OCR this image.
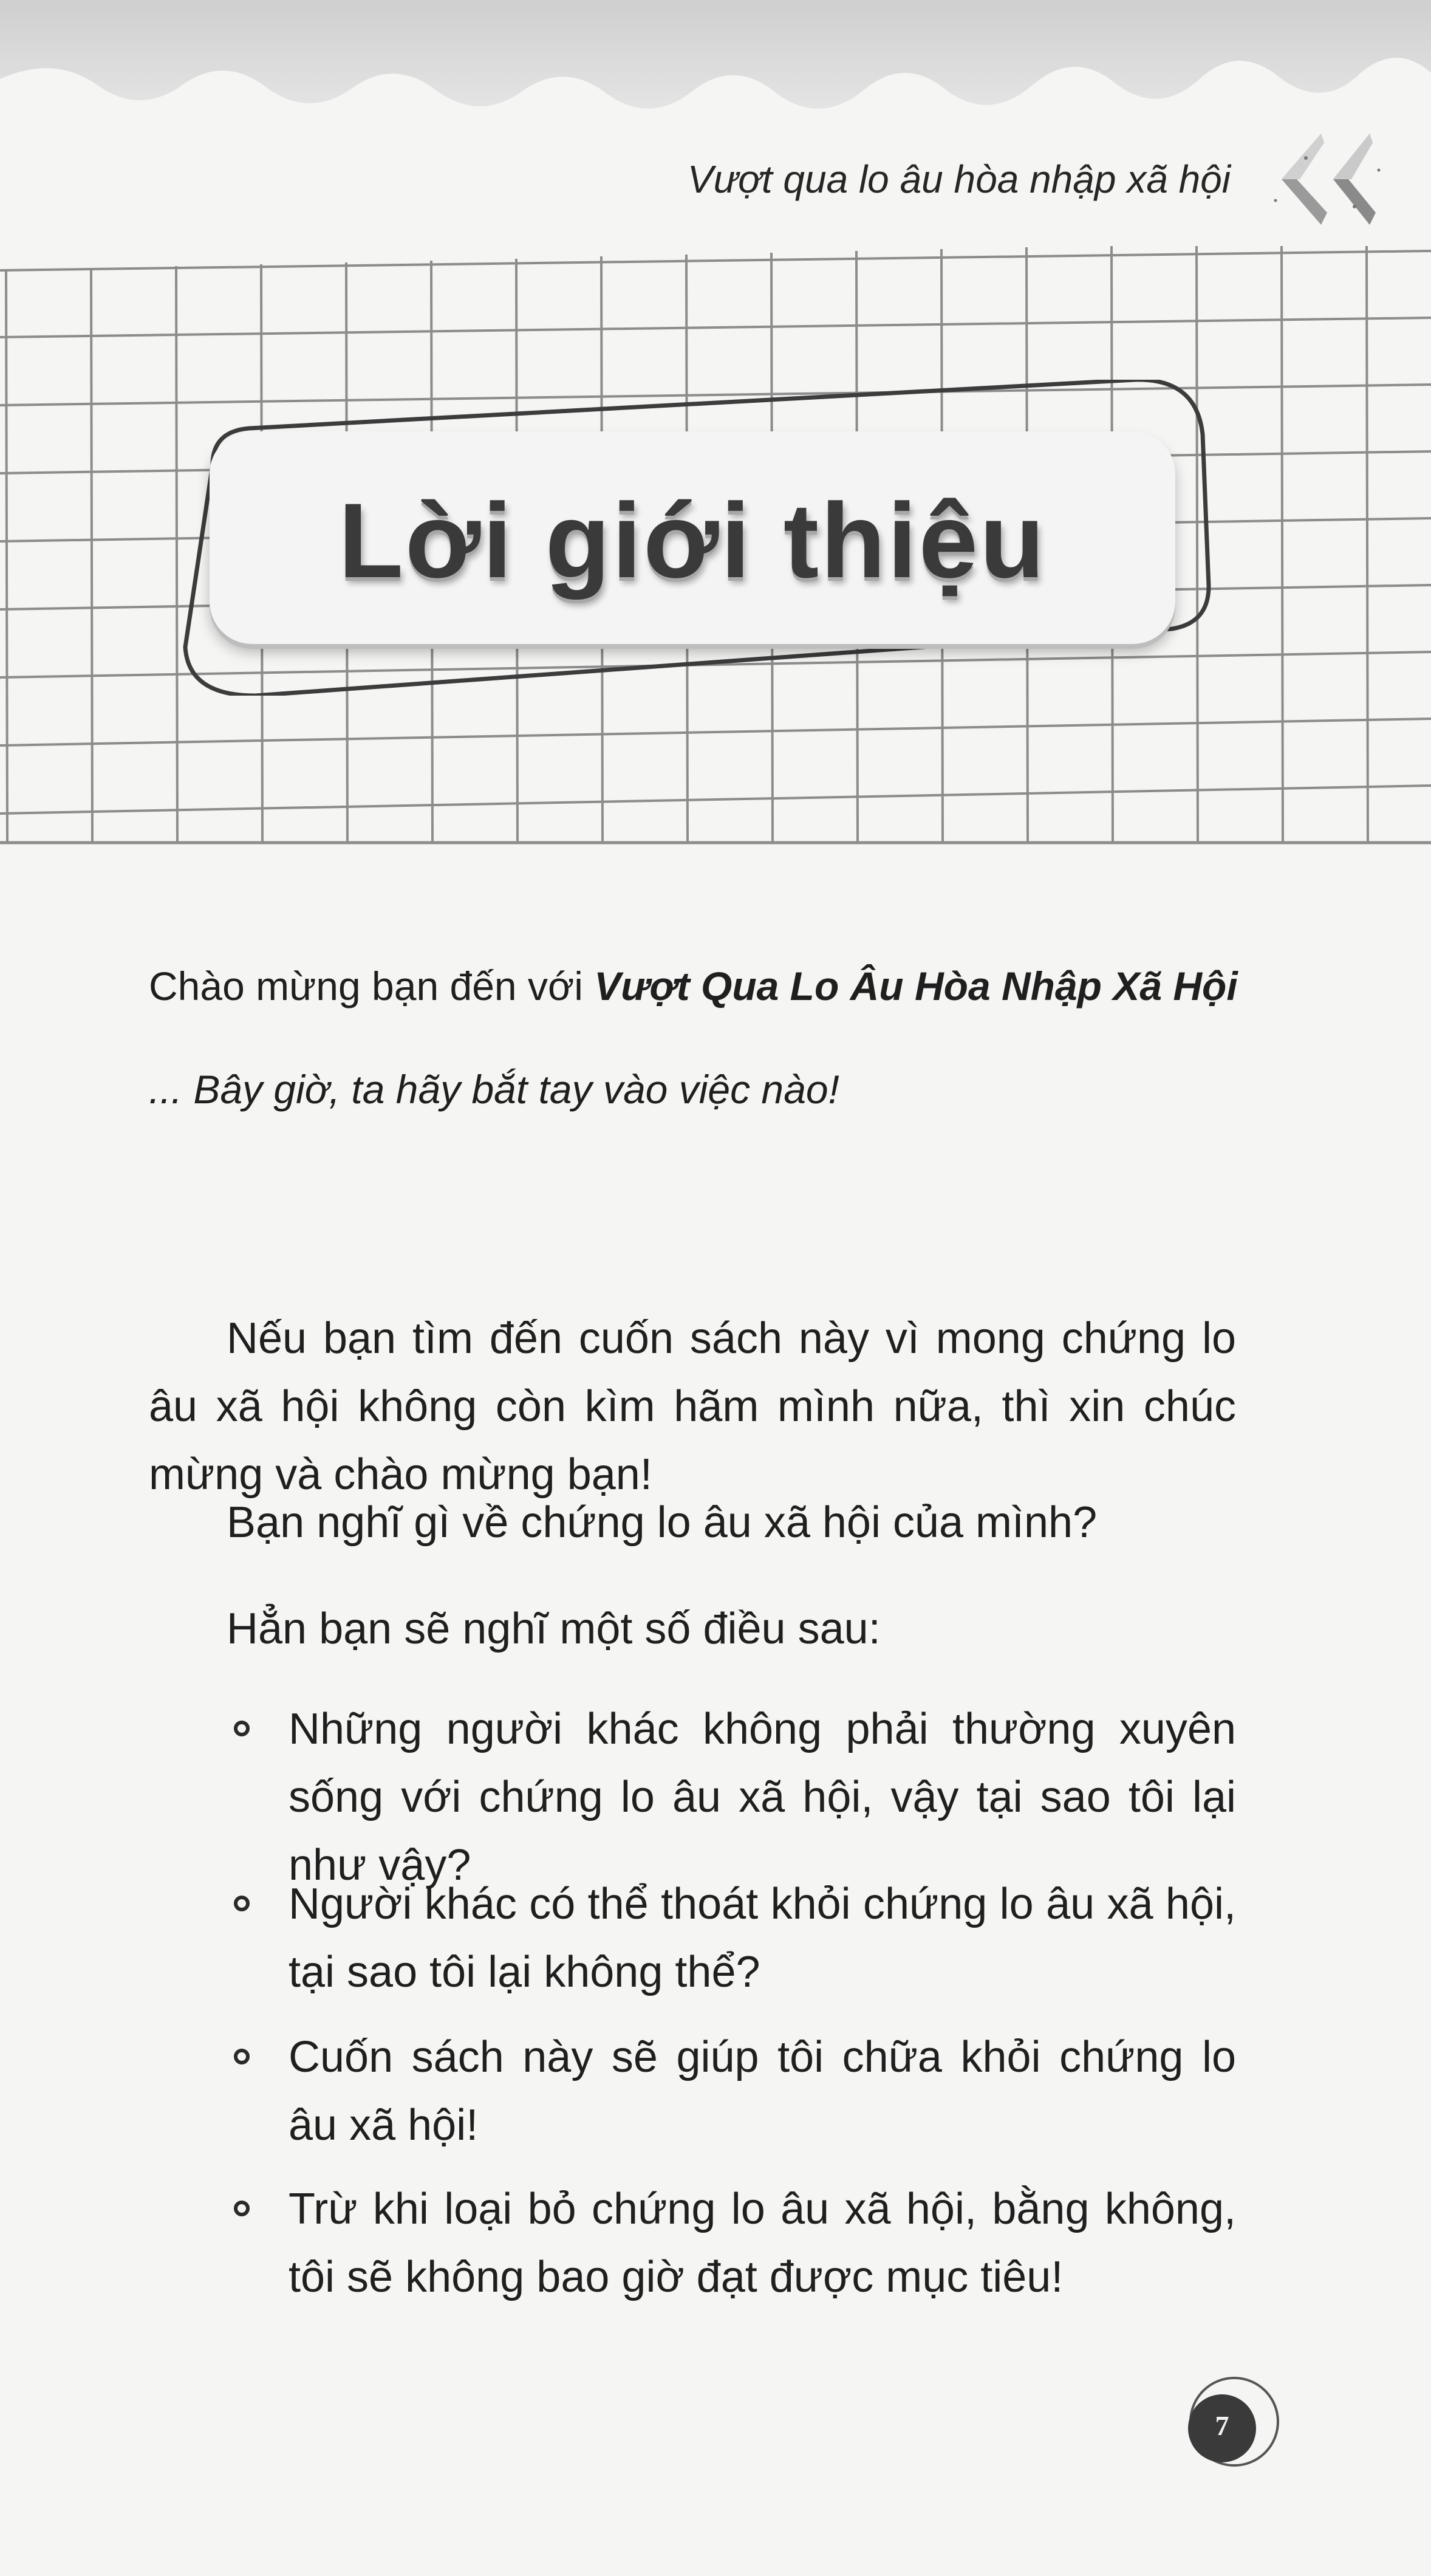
Vượt qua lo âu hòa nhập xã hội
Lời giới thiệu
Chào mừng bạn đến với Vượt Qua Lo Âu Hòa Nhập Xã Hội
... Bây giờ, ta hãy bắt tay vào việc nào!

Nếu bạn tìm đến cuốn sách này vì mong chứng lo âu xã hội không còn kìm hãm mình nữa, thì xin chúc mừng và chào mừng bạn!

Bạn nghĩ gì về chứng lo âu xã hội của mình?
Hẳn bạn sẽ nghĩ một số điều sau:
Những người khác không phải thường xuyên sống với chứng lo âu xã hội, vậy tại sao tôi lại như vậy?
Người khác có thể thoát khỏi chứng lo âu xã hội, tại sao tôi lại không thể?
Cuốn sách này sẽ giúp tôi chữa khỏi chứng lo âu xã hội!
Trừ khi loại bỏ chứng lo âu xã hội, bằng không, tôi sẽ không bao giờ đạt được mục tiêu!
7
